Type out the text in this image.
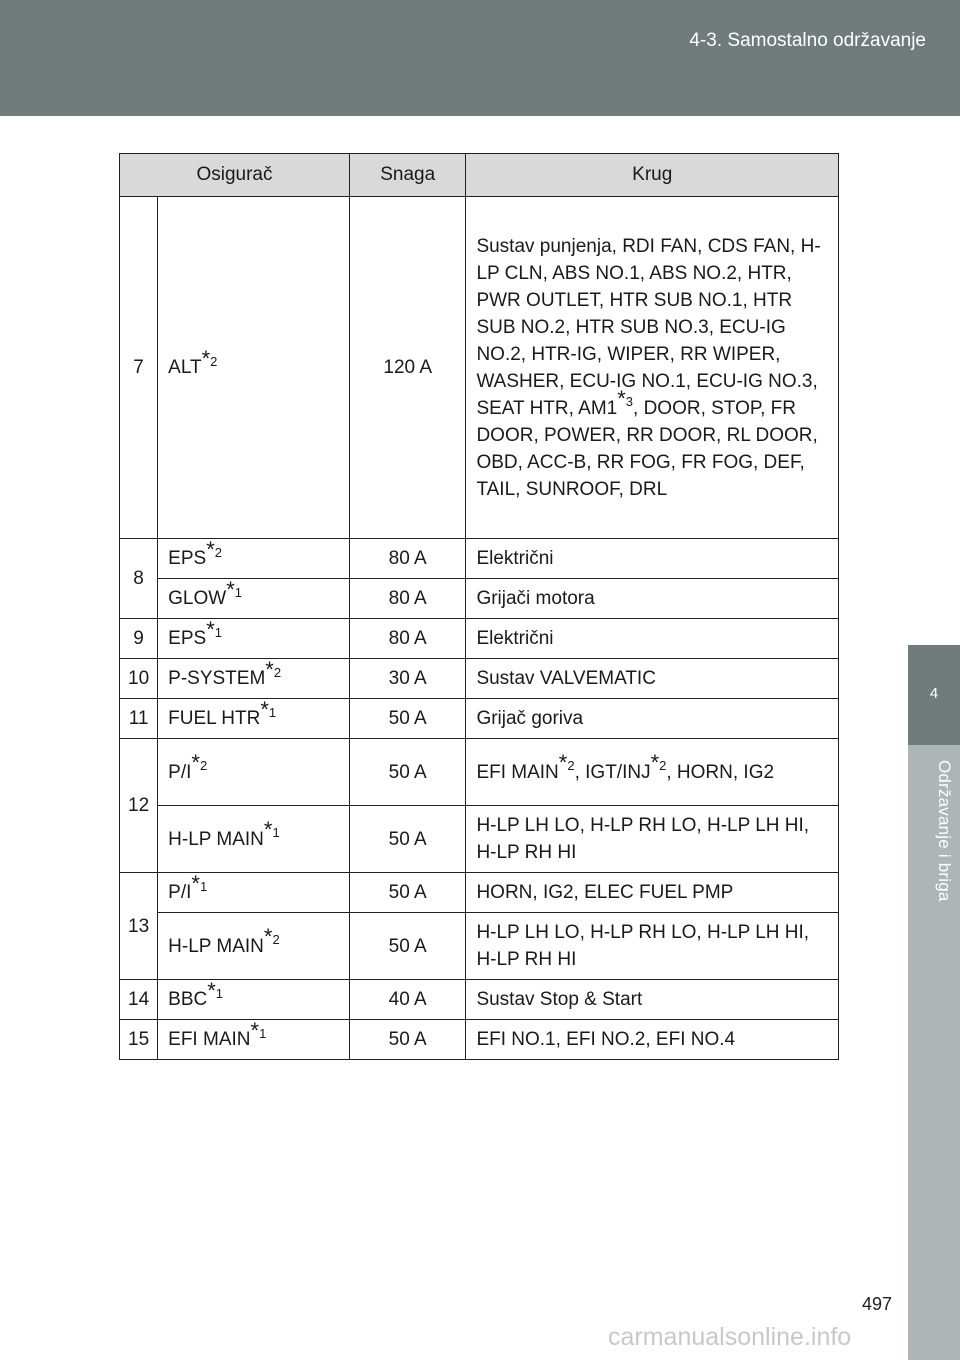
4-3. Samostalno održavanje
4
Održavanje i briga
Osigurač		Snaga	Krug
7	ALT$^{*2}$	120 A	Sustav punjenja, RDI FAN, CDS FAN, H-LP CLN, ABS NO.1, ABS NO.2, HTR, PWR OUTLET, HTR SUB NO.1, HTR SUB NO.2, HTR SUB NO.3, ECU-IG NO.2, HTR-IG, WIPER, RR WIPER, WASHER, ECU-IG NO.1, ECU-IG NO.3, SEAT HTR, AM1$^{*3}$, DOOR, STOP, FR DOOR, POWER, RR DOOR, RL DOOR, OBD, ACC-B, RR FOG, FR FOG, DEF, TAIL, SUNROOF, DRL
8	EPS$^{*2}$	80 A	Električni
	GLOW$^{*1}$	80 A	Grijači motora
9	EPS$^{*1}$	80 A	Električni
10	P-SYSTEM$^{*2}$	30 A	Sustav VALVEMATIC
11	FUEL HTR$^{*1}$	50 A	Grijač goriva
12	$P/I^{*2}$	50 A	EFI MAIN$^{*2}$, IGT/INJ$^{*2}$, HORN, IG2
	H-LP MAIN$^{*1}$	50 A	H-LP LH LO, H-LP RH LO, H-LP LH HI, H-LP RH HI
13	$P/I^{*1}$	50 A	HORN, IG2, ELEC FUEL PMP
	H-LP MAIN$^{*2}$	50 A	H-LP LH LO, H-LP RH LO, H-LP LH HI, H-LP RH HI
14	BBC$^{*1}$	40 A	Sustav Stop & Start
15	EFI MAIN$^{*1}$	50 A	EFI NO.1, EFI NO.2, EFI NO.4
497
carmanualsonline.info
